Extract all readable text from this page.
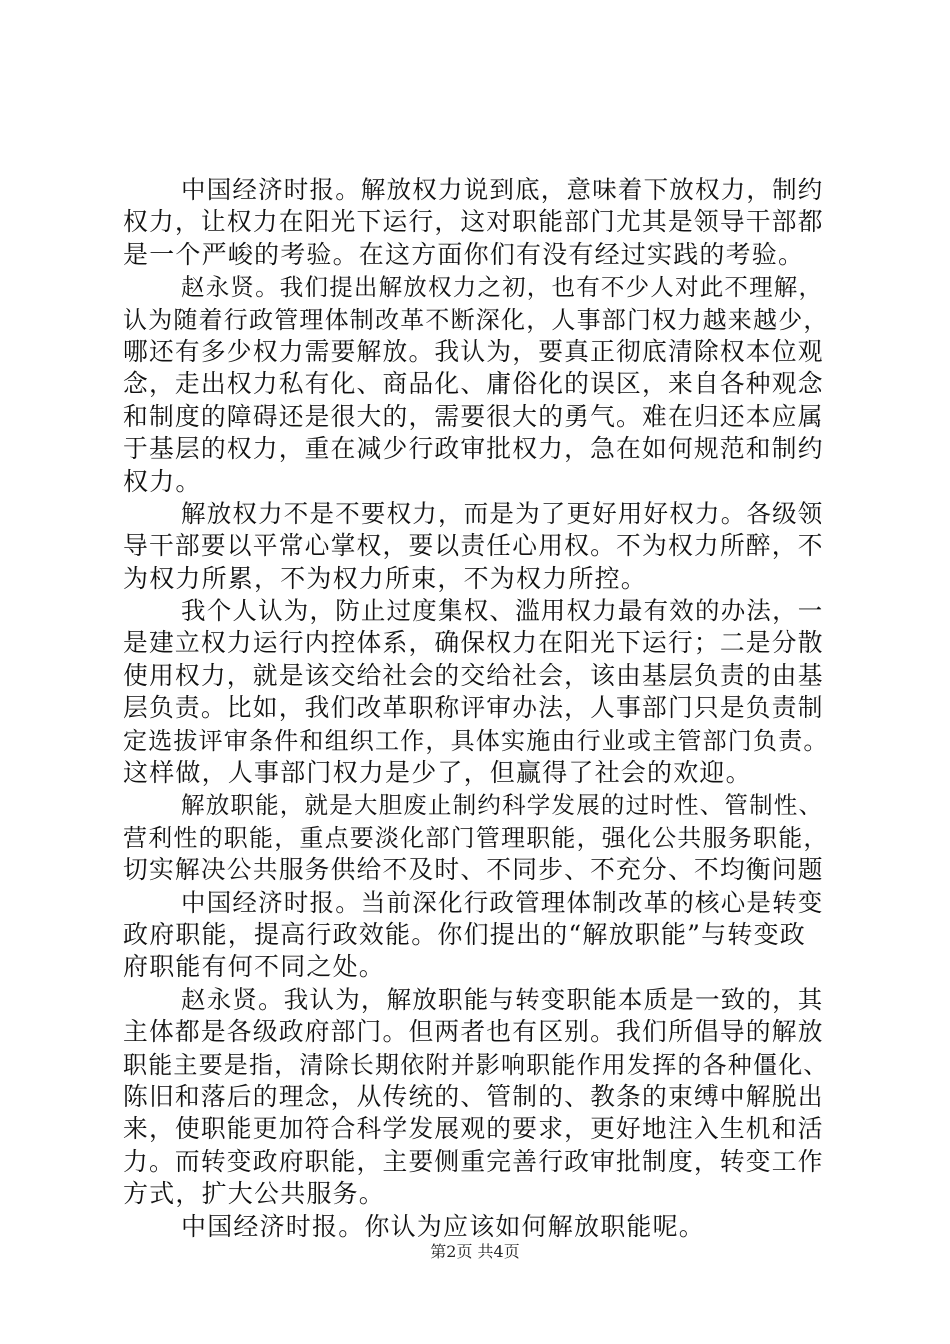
中国经济时报。解放权力说到底，意味着下放权力，制约
权力，让权力在阳光下运行，这对职能部门尤其是领导干部都
是一个严峻的考验。在这方面你们有没有经过实践的考验。
赵永贤。我们提出解放权力之初，也有不少人对此不理解，
认为随着行政管理体制改革不断深化，人事部门权力越来越少，
哪还有多少权力需要解放。我认为，要真正彻底清除权本位观
念，走出权力私有化、商品化、庸俗化的误区，来自各种观念
和制度的障碍还是很大的，需要很大的勇气。难在归还本应属
于基层的权力，重在减少行政审批权力，急在如何规范和制约
权力。
解放权力不是不要权力，而是为了更好用好权力。各级领
导干部要以平常心掌权，要以责任心用权。不为权力所醉，不
为权力所累，不为权力所束，不为权力所控。
我个人认为，防止过度集权、滥用权力最有效的办法，一
是建立权力运行内控体系，确保权力在阳光下运行；二是分散
使用权力，就是该交给社会的交给社会，该由基层负责的由基
层负责。比如，我们改革职称评审办法，人事部门只是负责制
定选拔评审条件和组织工作，具体实施由行业或主管部门负责。
这样做，人事部门权力是少了，但赢得了社会的欢迎。
解放职能，就是大胆废止制约科学发展的过时性、管制性、
营利性的职能，重点要淡化部门管理职能，强化公共服务职能，
切实解决公共服务供给不及时、不同步、不充分、不均衡问题
中国经济时报。当前深化行政管理体制改革的核心是转变
政府职能，提高行政效能。你们提出的“解放职能”与转变政
府职能有何不同之处。
赵永贤。我认为，解放职能与转变职能本质是一致的，其
主体都是各级政府部门。但两者也有区别。我们所倡导的解放
职能主要是指，清除长期依附并影响职能作用发挥的各种僵化、
陈旧和落后的理念，从传统的、管制的、教条的束缚中解脱出
来，使职能更加符合科学发展观的要求，更好地注入生机和活
力。而转变政府职能，主要侧重完善行政审批制度，转变工作
方式，扩大公共服务。
中国经济时报。你认为应该如何解放职能呢。
第2页 共4页
